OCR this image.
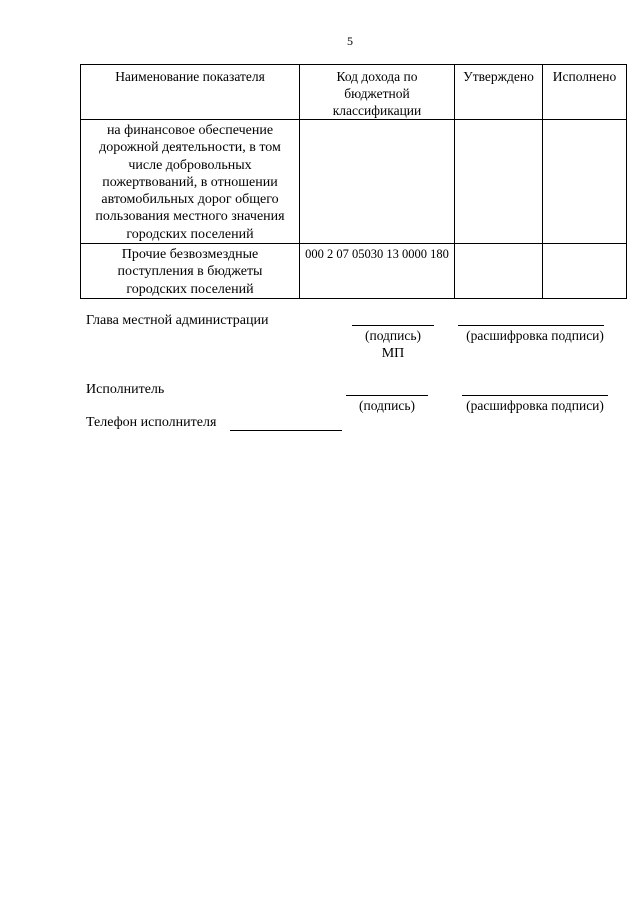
5
Наименование показателя	Код дохода по бюджетной классификации	Утверждено	Исполнено
на финансовое обеспечение дорожной деятельности, в том числе добровольных пожертвований, в отношении автомобильных дорог общего пользования местного значения городских поселений			
Прочие безвозмездные поступления в бюджеты городских поселений	000 2 07 05030 13 0000 180		
Глава местной администрации
(подпись)	(расшифровка подписи)
МП
Исполнитель
(подпись)	(расшифровка подписи)
Телефон исполнителя
